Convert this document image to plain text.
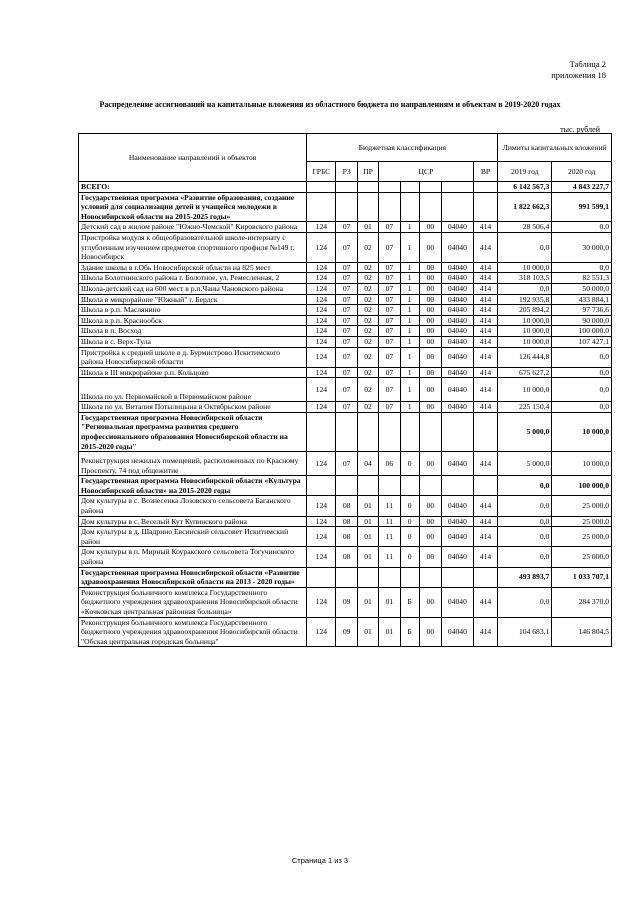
Таблица 2
приложения 18
Распределение ассигнований на капитальные вложения из областного бюджета по направлениям и объектам в 2019-2020 годах
тыс. рублей
Наименование направлений и объектов	Бюджетная классификация								Лимиты капитальных вложений	
	ГРБС	РЗ	ПР	ЦСР				ВР	2019 год	2020 год
ВСЕГО:									6 142 567,3	4 843 227,7
Государственная программа «Развитие образования, создание условий для социализации детей и учащейся молодежи в Новосибирской области на 2015-2025 годы»									1 822 662,3	991 599,1
Детский сад в жилом районе "Южно-Чемской" Кировского района	124	07	01	07	1	00	04040	414	28 506,4	0,0
Пристройка модуля к общеобразовательной школе-интернату с углубленным изучением предметов спортивного профиля №149 г. Новосибирск	124	07	02	07	1	00	04040	414	0,0	30 000,0
Здание школы в г.Обь Новосибирской области на 825 мест	124	07	02	07	1	00	04040	414	10 000,0	0,0
Школа Болотнинского района г. Болотное, ул. Ремесленная, 2	124	07	02	07	1	00	04040	414	318 103,5	82 551,3
Школа-детский сад на 600 мест в р.п.Чаны Чановского района	124	07	02	07	1	00	04040	414	0,0	50 000,0
Школа в микрорайоне "Южный" г. Бердск	124	07	02	07	1	00	04040	414	192 935,8	433 884,1
Школа в р.п. Маслянино	124	07	02	07	1	00	04040	414	205 894,2	97 736,6
Школа в р.п. Краснообск	124	07	02	07	1	00	04040	414	10 000,0	90 000,0
Школа в п. Восход	124	07	02	07	1	00	04040	414	10 000,0	100 000,0
Школа в с. Верх-Тула	124	07	02	07	1	00	04040	414	10 000,0	107 427,1
Пристройка к средней школе в д. Бурмистрово Искитимского района Новосибирской области	124	07	02	07	1	00	04040	414	126 444,8	0,0
Школа в III микрорайоне р.п. Кольцово	124	07	02	07	1	00	04040	414	675 627,2	0,0
Школа по ул. Первомайской в Первомайском районе	124	07	02	07	1	00	04040	414	10 000,0	0,0
Школа по ул. Виталия Потылицына в Октябрьском районе	124	07	02	07	1	00	04040	414	225 150,4	0,0
Государственная программа Новосибирской области "Региональная программа развития среднего профессионального образования Новосибирской области на 2015-2020 годы"									5 000,0	10 000,0
Реконструкция нежилых помещений, расположенных по Красному Проспекту, 74 под общежитие	124	07	04	06	0	00	04040	414	5 000,0	10 000,0
Государственная программа Новосибирской области «Культура Новосибирской области» на 2015-2020 годы									0,0	100 000,0
Дом культуры в с. Вознесенка Лозовского сельсовета Баганского района	124	08	01	11	0	00	04040	414	0,0	25 000,0
Дом культуры в с. Веселый Кут Купинского района	124	08	01	11	0	00	04040	414	0,0	25 000,0
Дом культуры в д. Шадрино Евсинский сельсовет Искитимский район	124	08	01	11	0	00	04040	414	0,0	25 000,0
Дом культуры в п. Мирный Коуракского сельсовета Тогучинского района	124	08	01	11	0	00	04040	414	0,0	25 000,0
Государственная программа Новосибирской области «Развитие здравоохранения Новосибирской области на 2013 - 2020 годы»									493 893,7	1 033 707,1
Реконструкция больничного комплекса Государственного бюджетного учреждения здравоохранения Новосибирской области «Кочковская центральная районная больница»	124	09	01	01	Б	00	04040	414	0,0	284 370,0
Реконструкция больничного комплекса Государственного бюджетного учреждения здравоохранения Новосибирской области "Обская центральная городская больница"	124	09	01	01	Б	00	04040	414	104 683,1	146 804,5
Страница 1 из 3
